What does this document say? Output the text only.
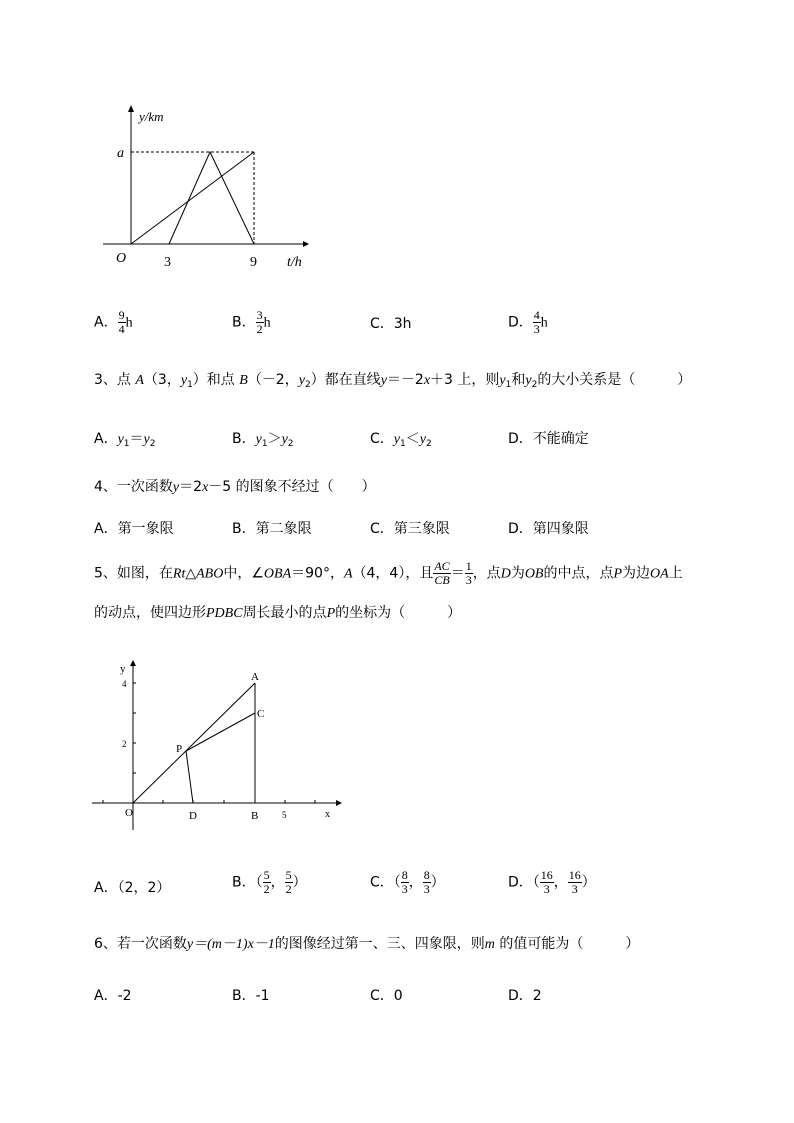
y/km
a
O	3	9 t/h
A． $\frac{9}{4}$ h	B． $\frac{3}{2}$ h	C．3h	D． $\frac{4}{3}$ h
3、点 A（3，$y_1$）和点 B（－2，$y_2$）都在直线y＝－2x＋3 上，则$y_1$和$y_2$的大小关系是（　　　）
A．$y_1=y_2$	B．$y_1>y_2$	C．$y_1<y_2$	D．不能确定
4、一次函数y＝2x－5 的图象不经过（　　）
A．第一象限	B．第二象限	C．第三象限	D．第四象限
5、如图，在Rt△ABO中，∠OBA＝90°，A（4，4），且 $\frac{AC}{CB} = \frac{1}{3}$ ，点D为OB的中点，点P为边OA上
的动点，使四边形PDBC周长最小的点P的坐标为（　　　）
y
4
2
O
A
C
P
D	B	5	x
A．（2，2）	B．（ $\frac{5}{2}$ ， $\frac{5}{2}$ ）	C．（ $\frac{8}{3}$ ， $\frac{8}{3}$ ）	D．（ $\frac{16}{3}$ ， $\frac{16}{3}$ ）
6、若一次函数y＝(m－1)x－1的图像经过第一、三、四象限，则m 的值可能为（　　　）
A．-2	B．-1	C．0	D．2
